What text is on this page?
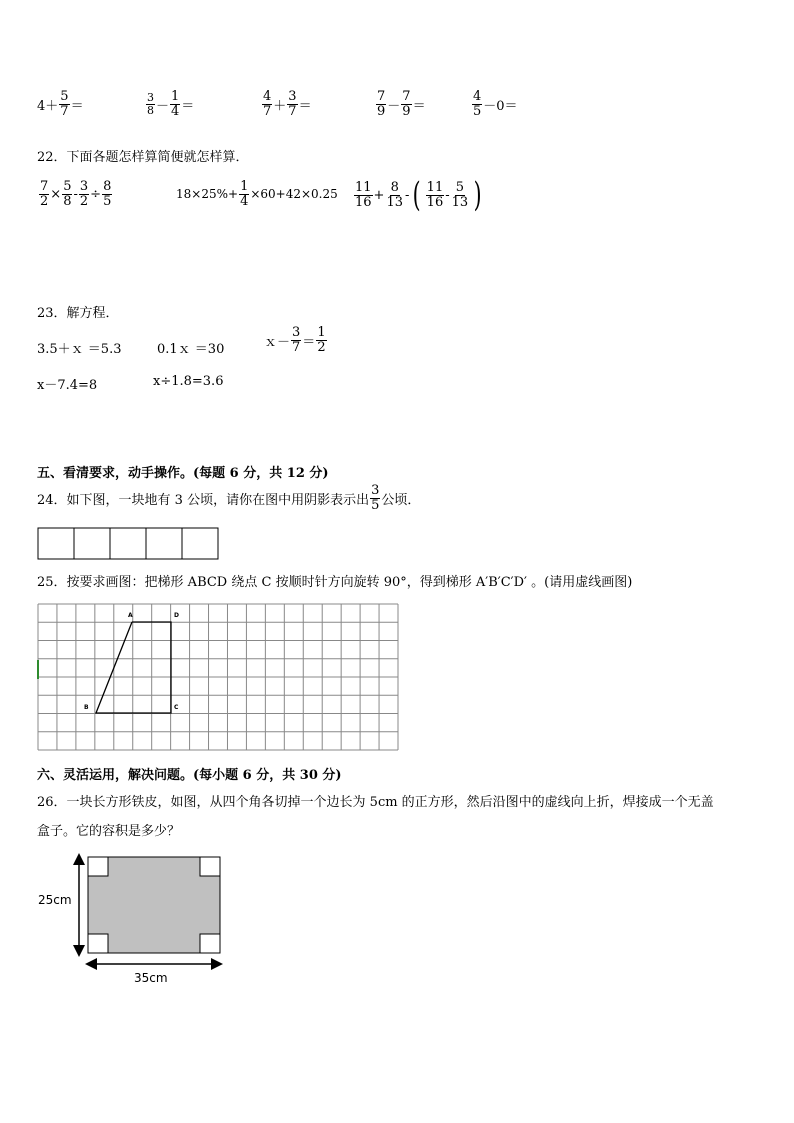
$4+ \frac{5}{7}$ ＝	$\frac{3}{8} - \frac{1}{4}$ ＝	$\frac{4}{7} + \frac{3}{7}$ ＝	$\frac{7}{9} - \frac{7}{9}$ ＝	$\frac{4}{5} -0=$
22．下面各题怎样算简便就怎样算．
$\frac{7}{2} \times \frac{5}{8} - \frac{3}{2} \div \frac{8}{5}$	$18\times 25\%+ \frac{1}{4} \times 60+42\times 0.25 \frac{11}{16} + \frac{8}{13}$ - ( $\frac{11}{16} - \frac{5}{13}$ )
23．解方程．
3.5＋ｘ ＝5.3	0.1ｘ ＝30	ｘ－ $\frac{3}{7} = \frac{1}{2}$
x－7.4=8	x÷1.8=3.6
五、看清要求，动手操作。(每题 6 分，共 12 分)
24．如下图，一块地有 3 公顷，请你在图中用阴影表示出 $\frac{3}{5}$ 公顷．
25．按要求画图：把梯形 ABCD 绕点 C 按顺时针方向旋转 90°，得到梯形 A′B′C′D′ 。(请用虚线画图)
A	D
B	C
六、灵活运用，解决问题。(每小题 6 分，共 30 分)
26．一块长方形铁皮，如图，从四个角各切掉一个边长为 5cm 的正方形，然后沿图中的虚线向上折，焊接成一个无盖
盒子。它的容积是多少？
25cm
35cm
